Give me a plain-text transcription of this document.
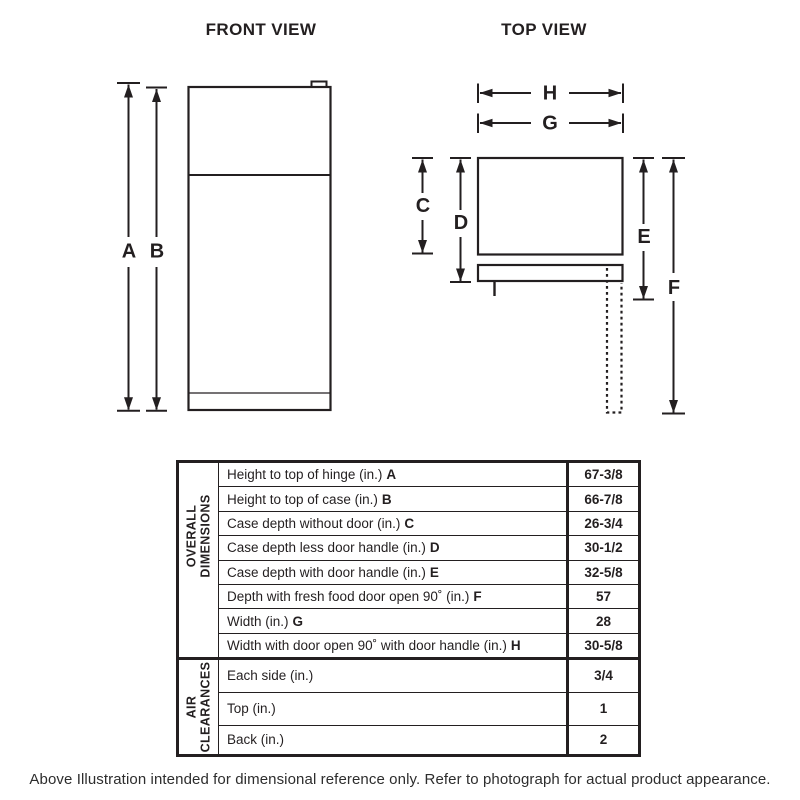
FRONT VIEW	TOP VIEW
A B
H
G
C
D
E
F
OVERALL DIMENSIONS
Height to top of hinge (in.) A	67-3/8
Height to top of case (in.) B	66-7/8
Case depth without door (in.) C	26-3/4
Case depth less door handle (in.) D	30-1/2
Case depth with door handle (in.) E	32-5/8
Depth with fresh food door open 90˚ (in.) F	57
Width (in.) G	28
Width with door open 90˚ with door handle (in.) H	30-5/8
AIR CLEARANCES Each side (in.)	3/4
Top (in.)	1
Back (in.)	2
Above Illustration intended for dimensional reference only. Refer to photograph for actual product appearance.
